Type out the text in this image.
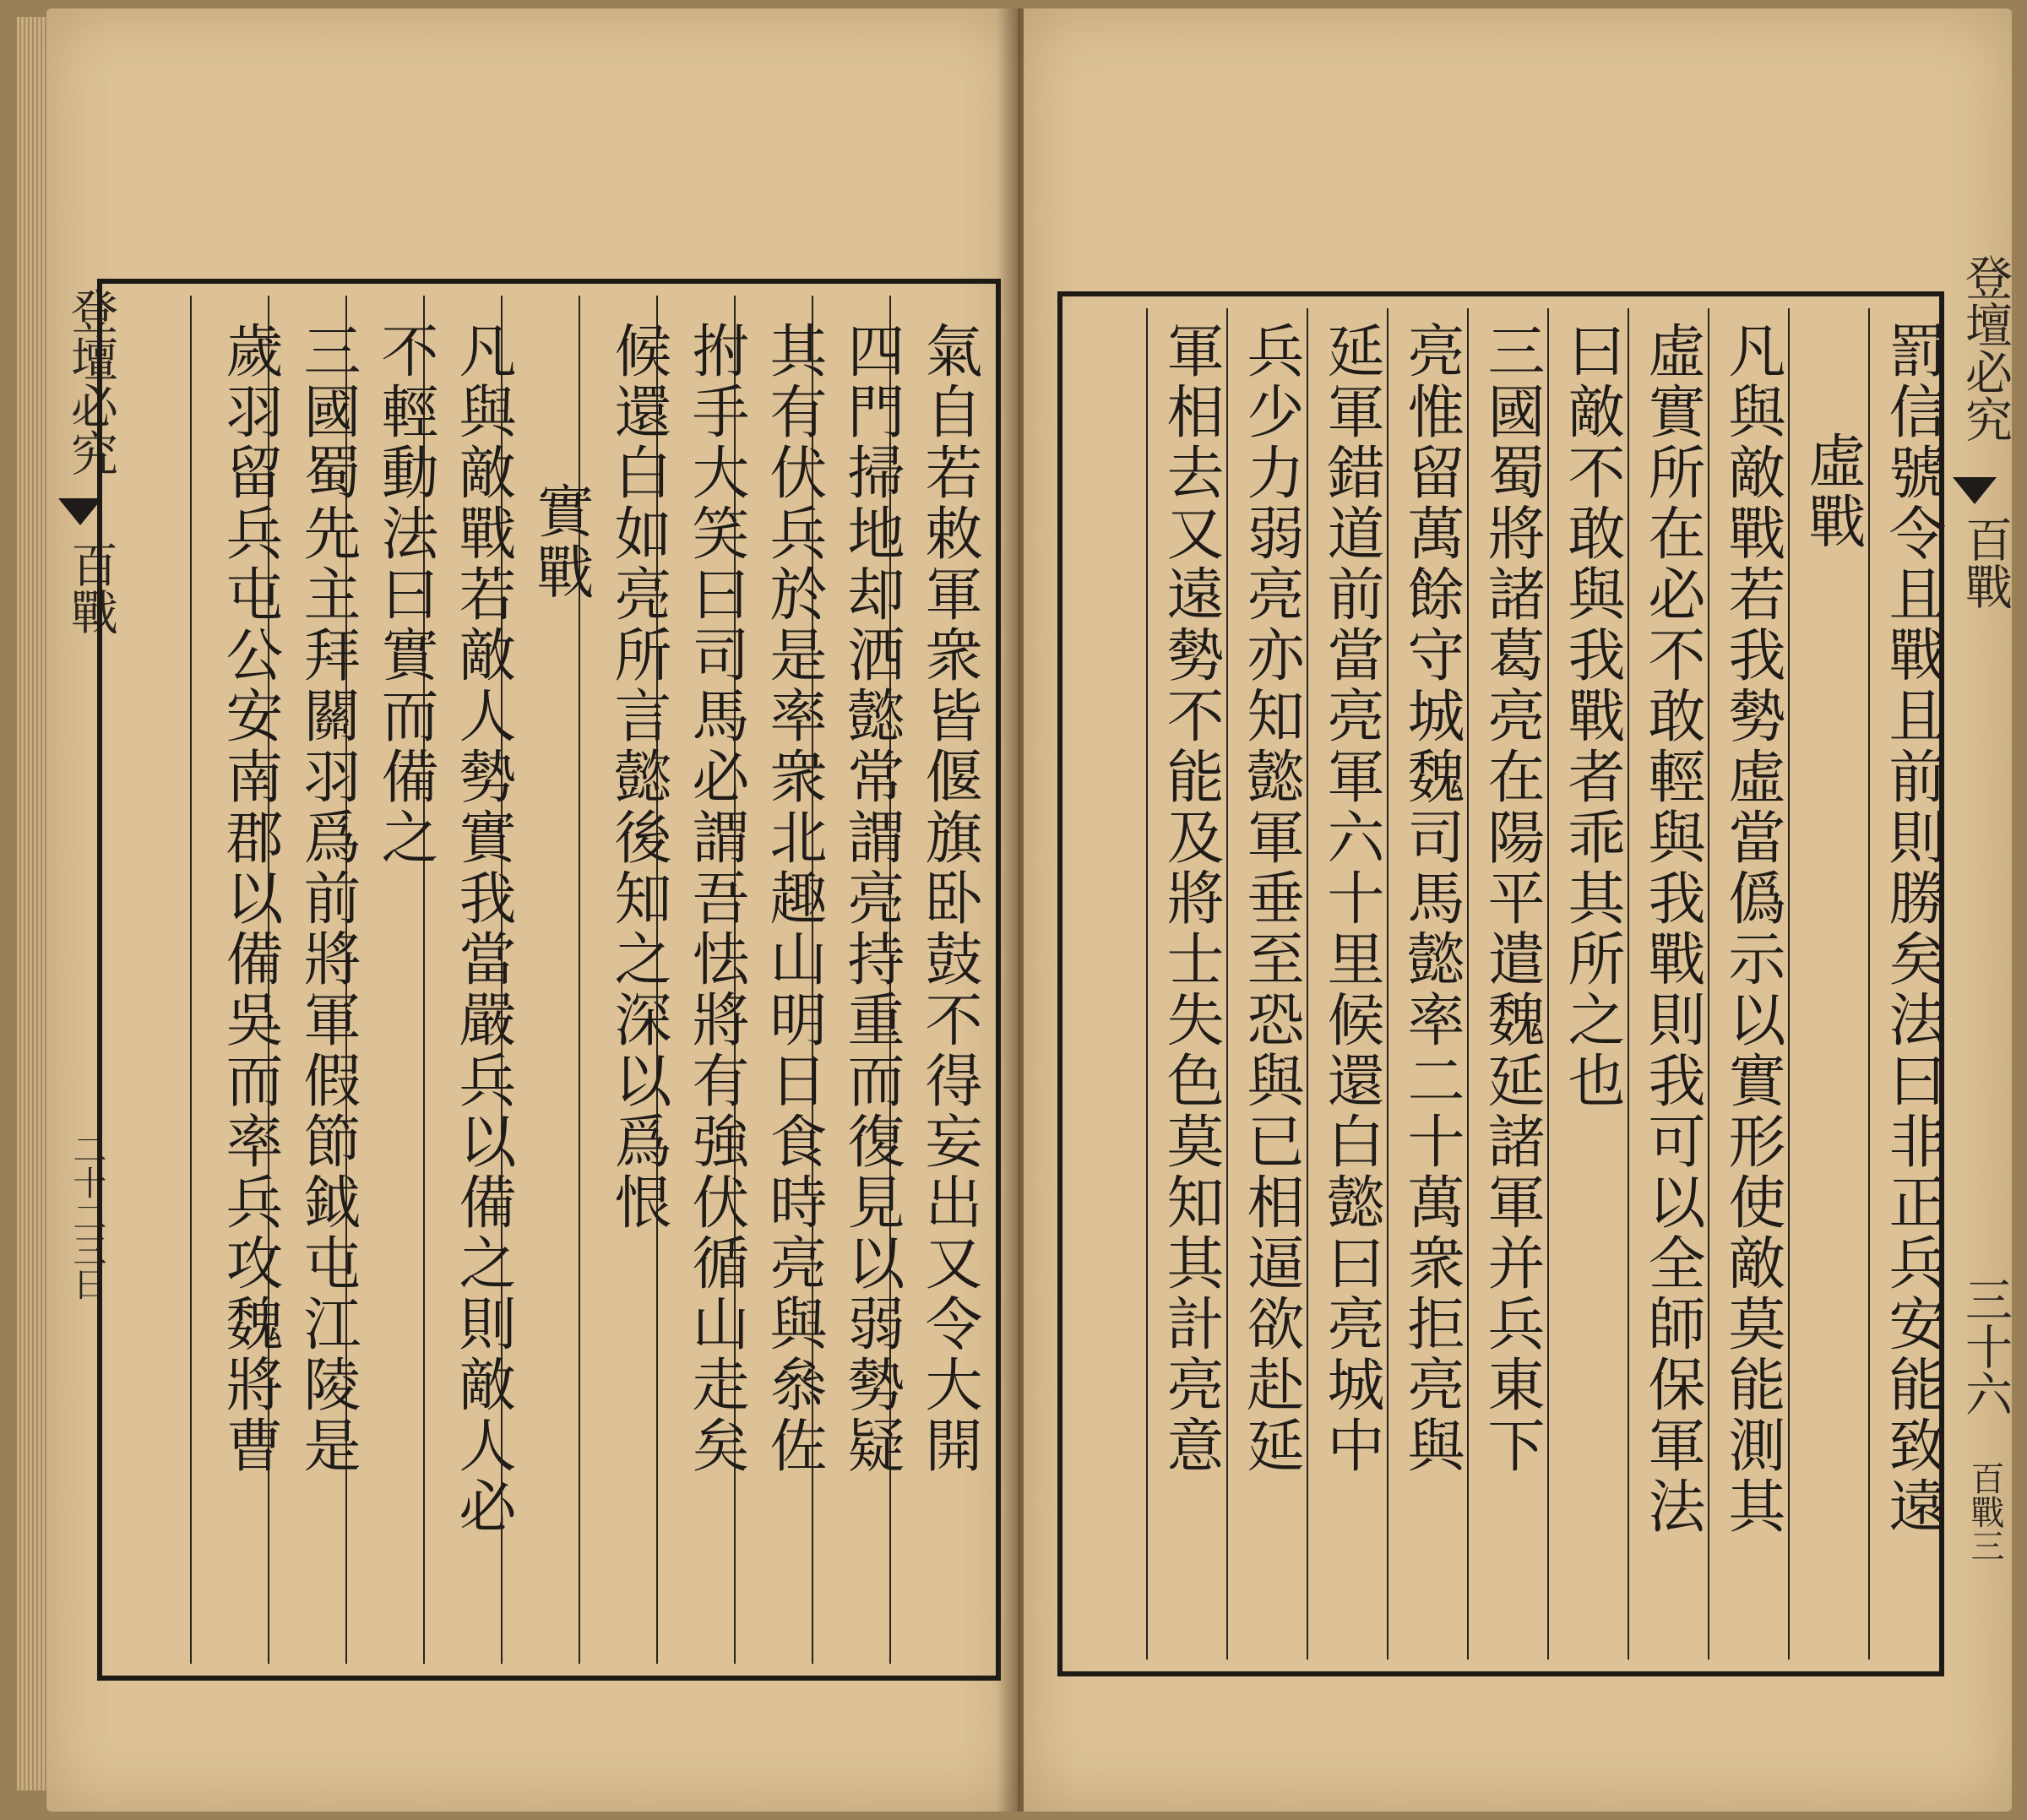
登壇必究
百戰
二十二三日	氣自若敕軍衆皆偃旗卧鼓不得妄出又令大開
四門掃地却洒懿常謂亮持重而復見以弱勢疑
其有伏兵於是率衆北趣山明日食時亮與叅佐
拊手大笑曰司馬必謂吾怯將有強伏循山走矣
候還白如亮所言懿後知之深以爲恨
實戰
凡與敵戰若敵人勢實我當嚴兵以備之則敵人必
不輕動法曰實而備之
三國蜀先主拜關羽爲前將軍假節鉞屯江陵是
歲羽留兵屯公安南郡以備吳而率兵攻魏將曹	登壇必究
百戰
三十六
百戰三
罰信號令且戰且前則勝矣法曰非正兵安能致遠
虛戰
凡與敵戰若我勢虛當僞示以實形使敵莫能測其
虛實所在必不敢輕與我戰則我可以全師保軍法
曰敵不敢與我戰者乖其所之也
三國蜀將諸葛亮在陽平遣魏延諸軍并兵東下
亮惟留萬餘守城魏司馬懿率二十萬衆拒亮與
延軍錯道前當亮軍六十里候還白懿曰亮城中
兵少力弱亮亦知懿軍垂至恐與已相逼欲赴延
軍相去又遠勢不能及將士失色莫知其計亮意
